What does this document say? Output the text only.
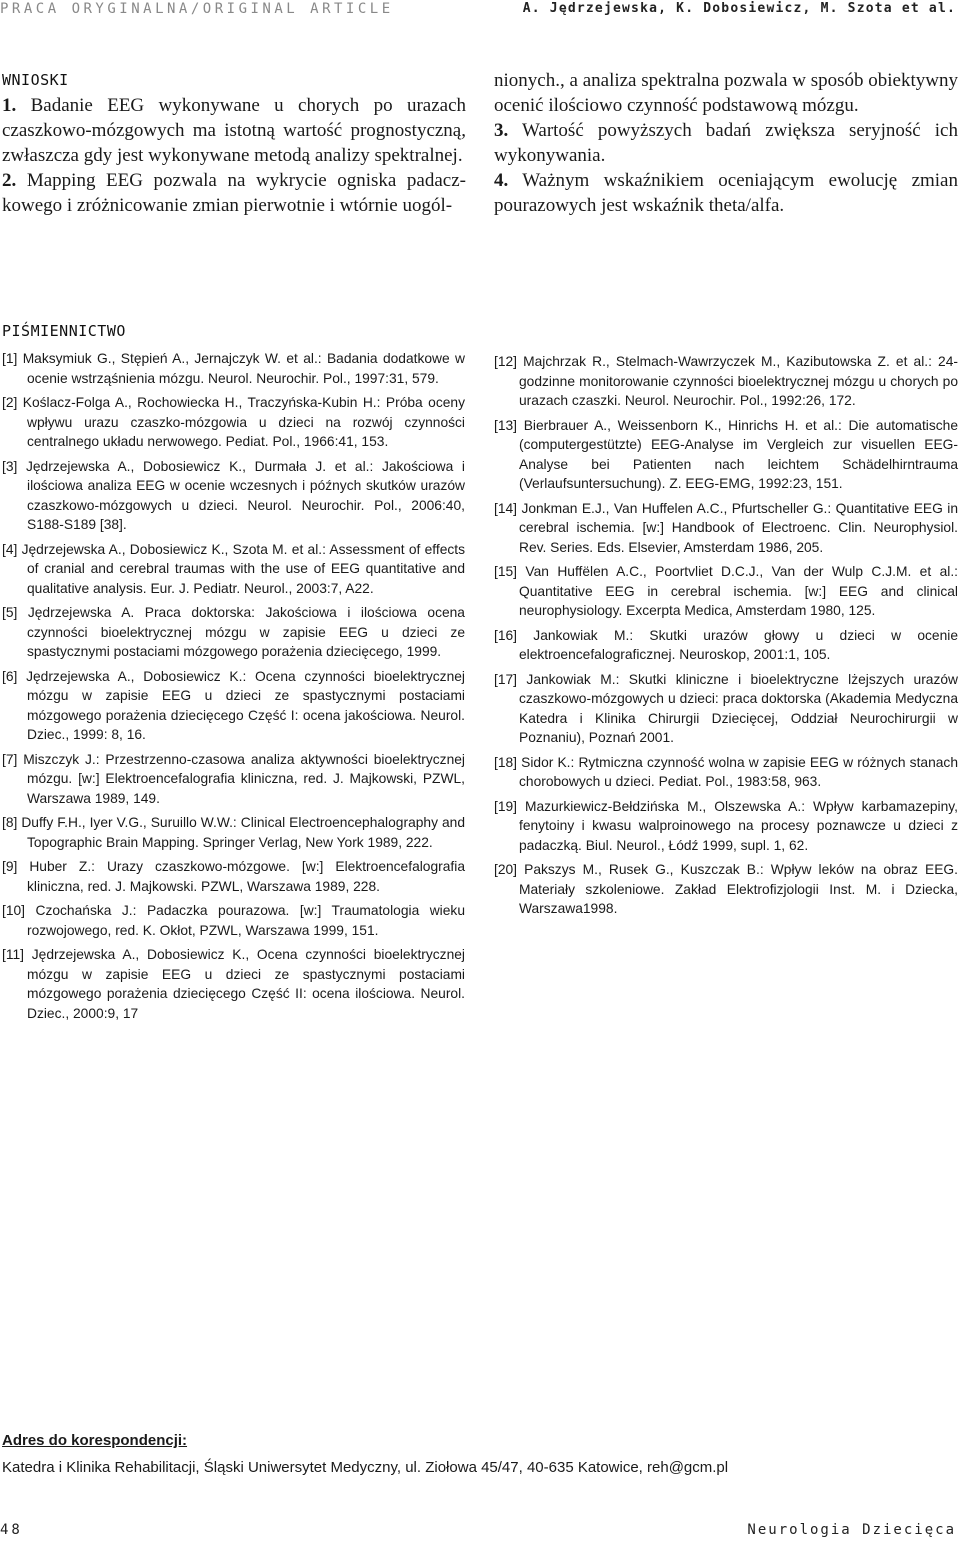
PRACA ORYGINALNA/ORIGINAL ARTICLE	A. Jędrzejewska, K. Dobosiewicz, M. Szota et al.
WNIOSKI

1. Badanie EEG wykonywane u chorych po urazach czaszkowo-mózgowych ma istotną wartość prognostyczną, zwłaszcza gdy jest wykonywane metodą analizy spektralnej.

2. Mapping EEG pozwala na wykrycie ogniska padaczkowego i zróżnicowanie zmian pierwotnie i wtórnie uogól-

nionych., a analiza spektralna pozwala w sposób obiektywny ocenić ilościowo czynność podstawową mózgu.

3. Wartość powyższych badań zwiększa seryjność ich wykonywania.

4. Ważnym wskaźnikiem oceniającym ewolucję zmian pourazowych jest wskaźnik theta/alfa.

PIŚMIENNICTWO

[1] Maksymiuk G., Stępień A., Jernajczyk W. et al.: Badania dodatkowe w ocenie wstrząśnienia mózgu. Neurol. Neurochir. Pol., 1997:31, 579.

[2] Koślacz-Folga A., Rochowiecka H., Traczyńska-Kubin H.: Próba oceny wpływu urazu czaszko-mózgowia u dzieci na rozwój czynności centralnego układu nerwowego. Pediat. Pol., 1966:41, 153.

[3] Jędrzejewska A., Dobosiewicz K., Durmała J. et al.: Jakościowa i ilościowa analiza EEG w ocenie wczesnych i późnych skutków urazów czaszkowo-mózgowych u dzieci. Neurol. Neurochir. Pol., 2006:40, S188-S189 [38].

[4] Jędrzejewska A., Dobosiewicz K., Szota M. et al.: Assessment of effects of cranial and cerebral traumas with the use of EEG quantitative and qualitative analysis. Eur. J. Pediatr. Neurol., 2003:7, A22.

[5] Jędrzejewska A. Praca doktorska: Jakościowa i ilościowa ocena czynności bioelektrycznej mózgu w zapisie EEG u dzieci ze spastycznymi postaciami mózgowego porażenia dziecięcego, 1999.

[6] Jędrzejewska A., Dobosiewicz K.: Ocena czynności bioelektrycznej mózgu w zapisie EEG u dzieci ze spastycznymi postaciami mózgowego porażenia dziecięcego Część I: ocena jakościowa. Neurol. Dziec., 1999: 8, 16.

[7] Miszczyk J.: Przestrzenno-czasowa analiza aktywności bioelektrycznej mózgu. [w:] Elektroencefalografia kliniczna, red. J. Majkowski, PZWL, Warszawa 1989, 149.

[8] Duffy F.H., Iyer V.G., Suruillo W.W.: Clinical Electroencephalography and Topographic Brain Mapping. Springer Verlag, New York 1989, 222.

[9] Huber Z.: Urazy czaszkowo-mózgowe. [w:] Elektroencefalografia kliniczna, red. J. Majkowski. PZWL, Warszawa 1989, 228.

[10] Czochańska J.: Padaczka pourazowa. [w:] Traumatologia wieku rozwojowego, red. K. Okłot, PZWL, Warszawa 1999, 151.

[11] Jędrzejewska A., Dobosiewicz K., Ocena czynności bioelektrycznej mózgu w zapisie EEG u dzieci ze spastycznymi postaciami mózgowego porażenia dziecięcego Część II: ocena ilościowa. Neurol. Dziec., 2000:9, 17

[12] Majchrzak R., Stelmach-Wawrzyczek M., Kazibutowska Z. et al.: 24-godzinne monitorowanie czynności bioelektrycznej mózgu u chorych po urazach czaszki. Neurol. Neurochir. Pol., 1992:26, 172.

[13] Bierbrauer A., Weissenborn K., Hinrichs H. et al.: Die automatische (computergestützte) EEG-Analyse im Vergleich zur visuellen EEG-Analyse bei Patienten nach leichtem Schädelhirntrauma (Verlaufsuntersuchung). Z. EEG-EMG, 1992:23, 151.

[14] Jonkman E.J., Van Huffelen A.C., Pfurtscheller G.: Quantitative EEG in cerebral ischemia. [w:] Handbook of Electroenc. Clin. Neurophysiol. Rev. Series. Eds. Elsevier, Amsterdam 1986, 205.

[15] Van Huffëlen A.C., Poortvliet D.C.J., Van der Wulp C.J.M. et al.: Quantitative EEG in cerebral ischemia. [w:] EEG and clinical neurophysiology. Excerpta Medica, Amsterdam 1980, 125.

[16] Jankowiak M.: Skutki urazów głowy u dzieci w ocenie elektroencefalograficznej. Neuroskop, 2001:1, 105.

[17] Jankowiak M.: Skutki kliniczne i bioelektryczne lżejszych urazów czaszkowo-mózgowych u dzieci: praca doktorska (Akademia Medyczna Katedra i Klinika Chirurgii Dziecięcej, Oddział Neurochirurgii w Poznaniu), Poznań 2001.

[18] Sidor K.: Rytmiczna czynność wolna w zapisie EEG w różnych stanach chorobowych u dzieci. Pediat. Pol., 1983:58, 963.

[19] Mazurkiewicz-Bełdzińska M., Olszewska A.: Wpływ karbamazepiny, fenytoiny i kwasu walproinowego na procesy poznawcze u dzieci z padaczką. Biul. Neurol., Łódź 1999, supl. 1, 62.

[20] Pakszys M., Rusek G., Kuszczak B.: Wpływ leków na obraz EEG. Materiały szkoleniowe. Zakład Elektrofizjologii Inst. M. i Dziecka, Warszawa1998.

Adres do korespondencji:
Katedra i Klinika Rehabilitacji, Śląski Uniwersytet Medyczny, ul. Ziołowa 45/47, 40-635 Katowice, reh@gcm.pl
48	Neurologia Dziecięca
